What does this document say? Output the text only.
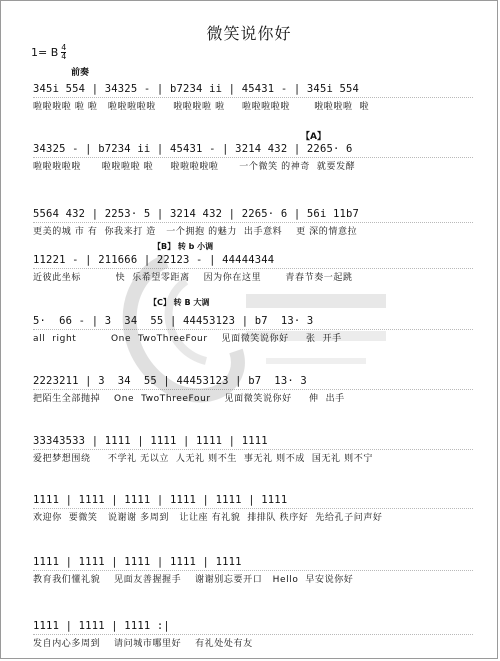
微笑说你好
1= B 4
4
前奏
345i 554 | 34325 - | b7234 ii | 45431 - | 345i 554
啦啦啦啦 啦 啦   啦啦啦啦啦     啦啦啦啦 啦     啦啦啦啦啦       啦啦啦啦  啦
【A】
34325 - | b7234 ii | 45431 - | 3214 432 | 2265· 6
啦啦啦啦啦      啦啦啦啦 啦     啦啦啦啦啦      一个微笑 的神奇  就要发酵
5564 432 | 2253· 5 | 3214 432 | 2265· 6 | 56i 11b7
更美的城 市 有  你我来打 造   一个拥抱 的魅力  出手意料    更 深的情意拉
【B】 转 b 小调
11221 - | 211666 | 22123 - | 44444344
近彼此坐标          快  乐希望零距离    因为你在这里       青春节奏一起跳
【C】 转 B 大调
5·  66 - | 3  34  55 | 44453123 | b7  13· 3
all  right          One  TwoThreeFour    见面微笑说你好     张  开手
2223211 | 3  34  55 | 44453123 | b7  13· 3
把陌生全部抛掉    One  TwoThreeFour    见面微笑说你好     伸  出手
33343533 | 1111 | 1111 | 1111 | 1111
爱把梦想围绕     不学礼 无以立  人无礼 则不生  事无礼 则不成  国无礼 则不宁
1111 | 1111 | 1111 | 1111 | 1111 | 1111
欢迎你  要微笑   说谢谢 多周到   让让座 有礼貌  排排队 秩序好  先给孔子问声好
1111 | 1111 | 1111 | 1111 | 1111
教育我们懂礼貌    见面友善握握手    谢谢别忘要开口   Hello  早安说你好
1111 | 1111 | 1111 :|
发自内心多周到    请问城市哪里好    有礼处处有友
